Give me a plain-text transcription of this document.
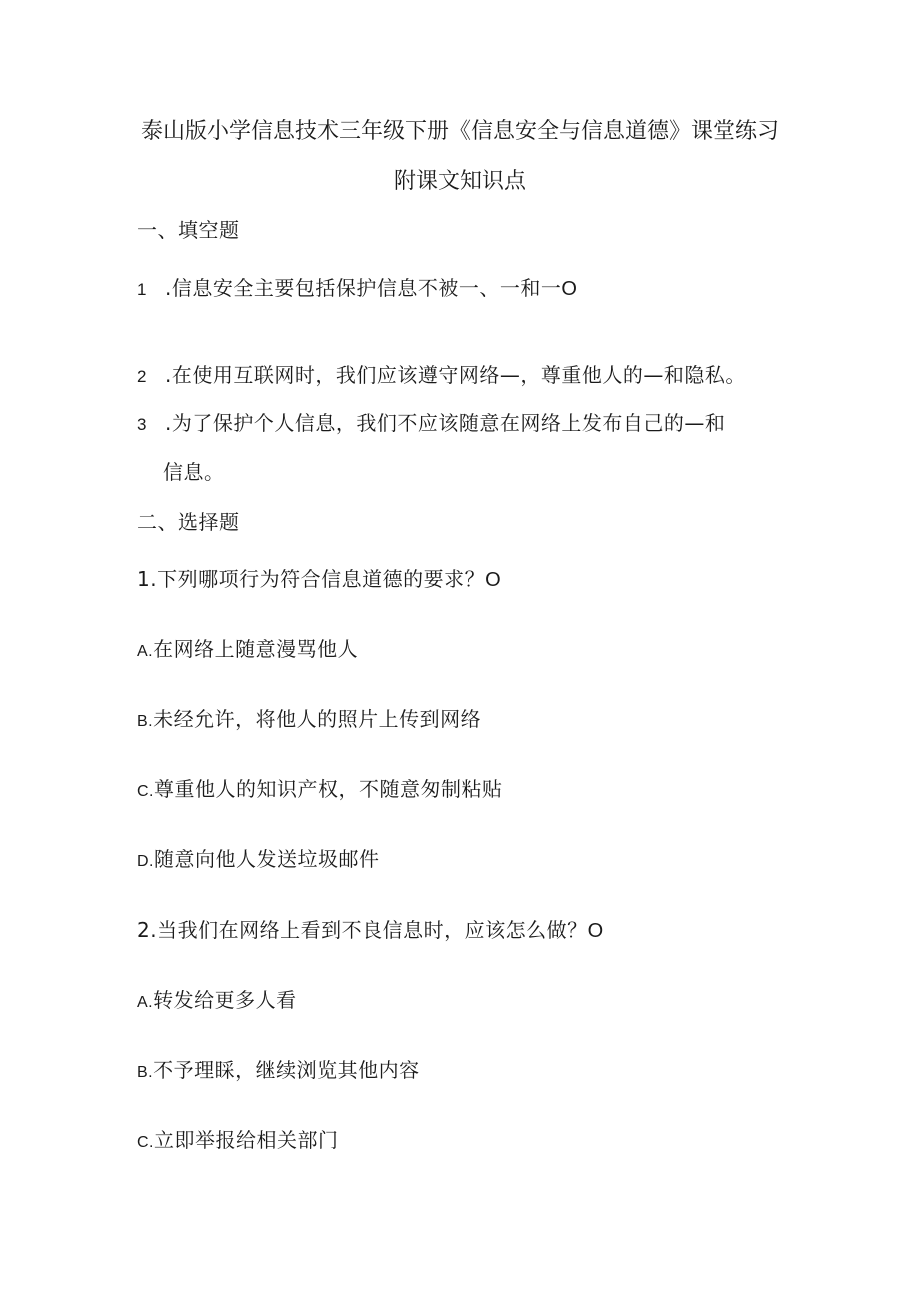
泰山版小学信息技术三年级下册《信息安全与信息道德》课堂练习
附课文知识点
一、填空题
1 .信息安全主要包括保护信息不被一、一和一O
2 .在使用互联网时，我们应该遵守网络—，尊重他人的—和隐私。
3 .为了保护个人信息，我们不应该随意在网络上发布自己的—和
信息。
二、选择题
1.下列哪项行为符合信息道德的要求？O
A.在网络上随意漫骂他人
B.未经允许，将他人的照片上传到网络
C.尊重他人的知识产权，不随意匆制粘贴
D.随意向他人发送垃圾邮件
2.当我们在网络上看到不良信息时，应该怎么做？O
A.转发给更多人看
B.不予理睬，继续浏览其他内容
C.立即举报给相关部门
